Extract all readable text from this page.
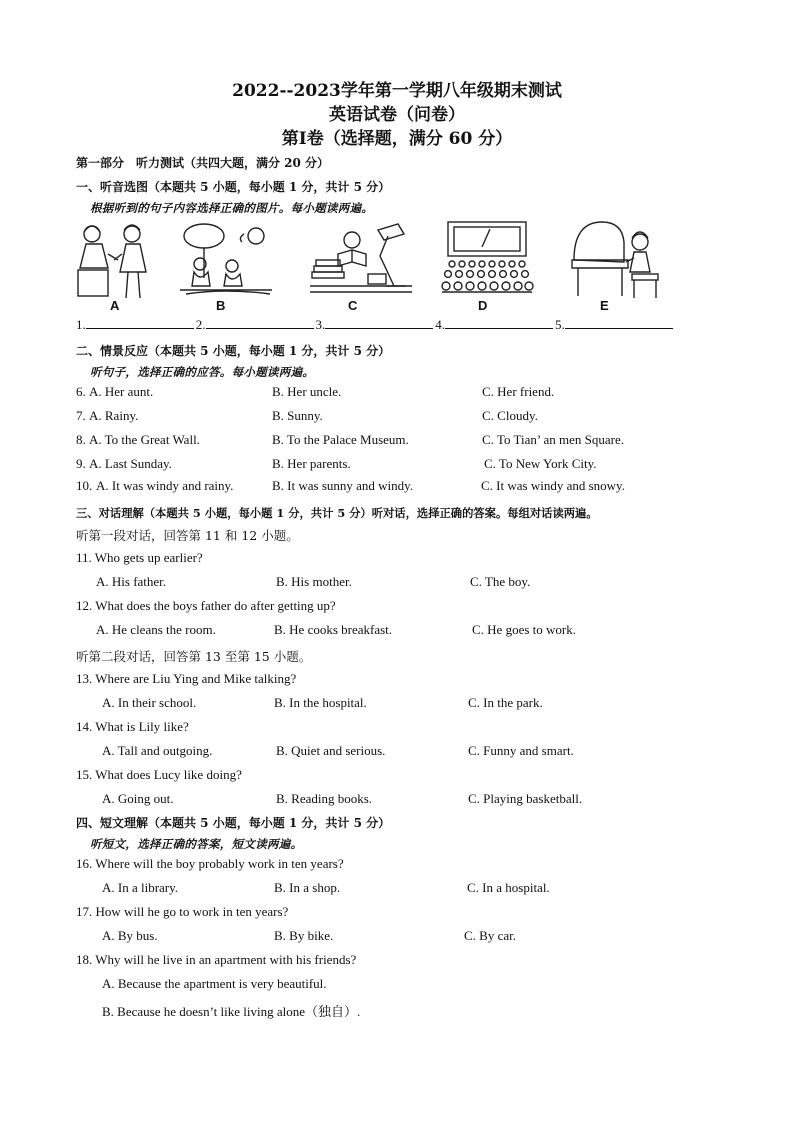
2022--2023学年第一学期八年级期末测试
英语试卷（问卷）
第I卷（选择题，满分 60 分）
第一部分　听力测试（共四大题，满分 20 分）
一、听音选图（本题共 5 小题，每小题 1 分，共计 5 分）
根据听到的句子内容选择正确的图片。每小题读两遍。
A	B	C	D	E
1.	2.	3.	4.	5.
二、情景反应（本题共 5 小题，每小题 1 分，共计 5 分）
听句子，选择正确的应答。每小题读两遍。
6. A. Her aunt.	B. Her uncle.	C. Her friend.
7. A. Rainy.	B. Sunny.	C. Cloudy.
8. A. To the Great Wall.	B. To the Palace Museum.	C. To Tian’ an men Square.
9. A. Last Sunday.	B. Her parents.	C. To New York City.
10. A. It was windy and rainy.	B. It was sunny and windy.	C. It was windy and snowy.
三、对话理解（本题共 5 小题，每小题 1 分，共计 5 分）听对话，选择正确的答案。每组对话读两遍。
听第一段对话，回答第 11 和 12 小题。
11. Who gets up earlier?
A. His father.	B. His mother.	C. The boy.
12. What does the boys father do after getting up?
A. He cleans the room.	B. He cooks breakfast.	C. He goes to work.
听第二段对话，回答第 13 至第 15 小题。
13. Where are Liu Ying and Mike talking?
A. In their school.	B. In the hospital.	C. In the park.
14. What is Lily like?
A. Tall and outgoing.	B. Quiet and serious.	C. Funny and smart.
15. What does Lucy like doing?
A. Going out.	B. Reading books.	C. Playing basketball.
四、短文理解（本题共 5 小题，每小题 1 分，共计 5 分）
听短文，选择正确的答案，短文读两遍。
16. Where will the boy probably work in ten years?
A. In a library.	B. In a shop.	C. In a hospital.
17. How will he go to work in ten years?
A. By bus.	B. By bike.	C. By car.
18. Why will he live in an apartment with his friends?
A. Because the apartment is very beautiful.
B. Because he doesn’t like living alone（独自）.
